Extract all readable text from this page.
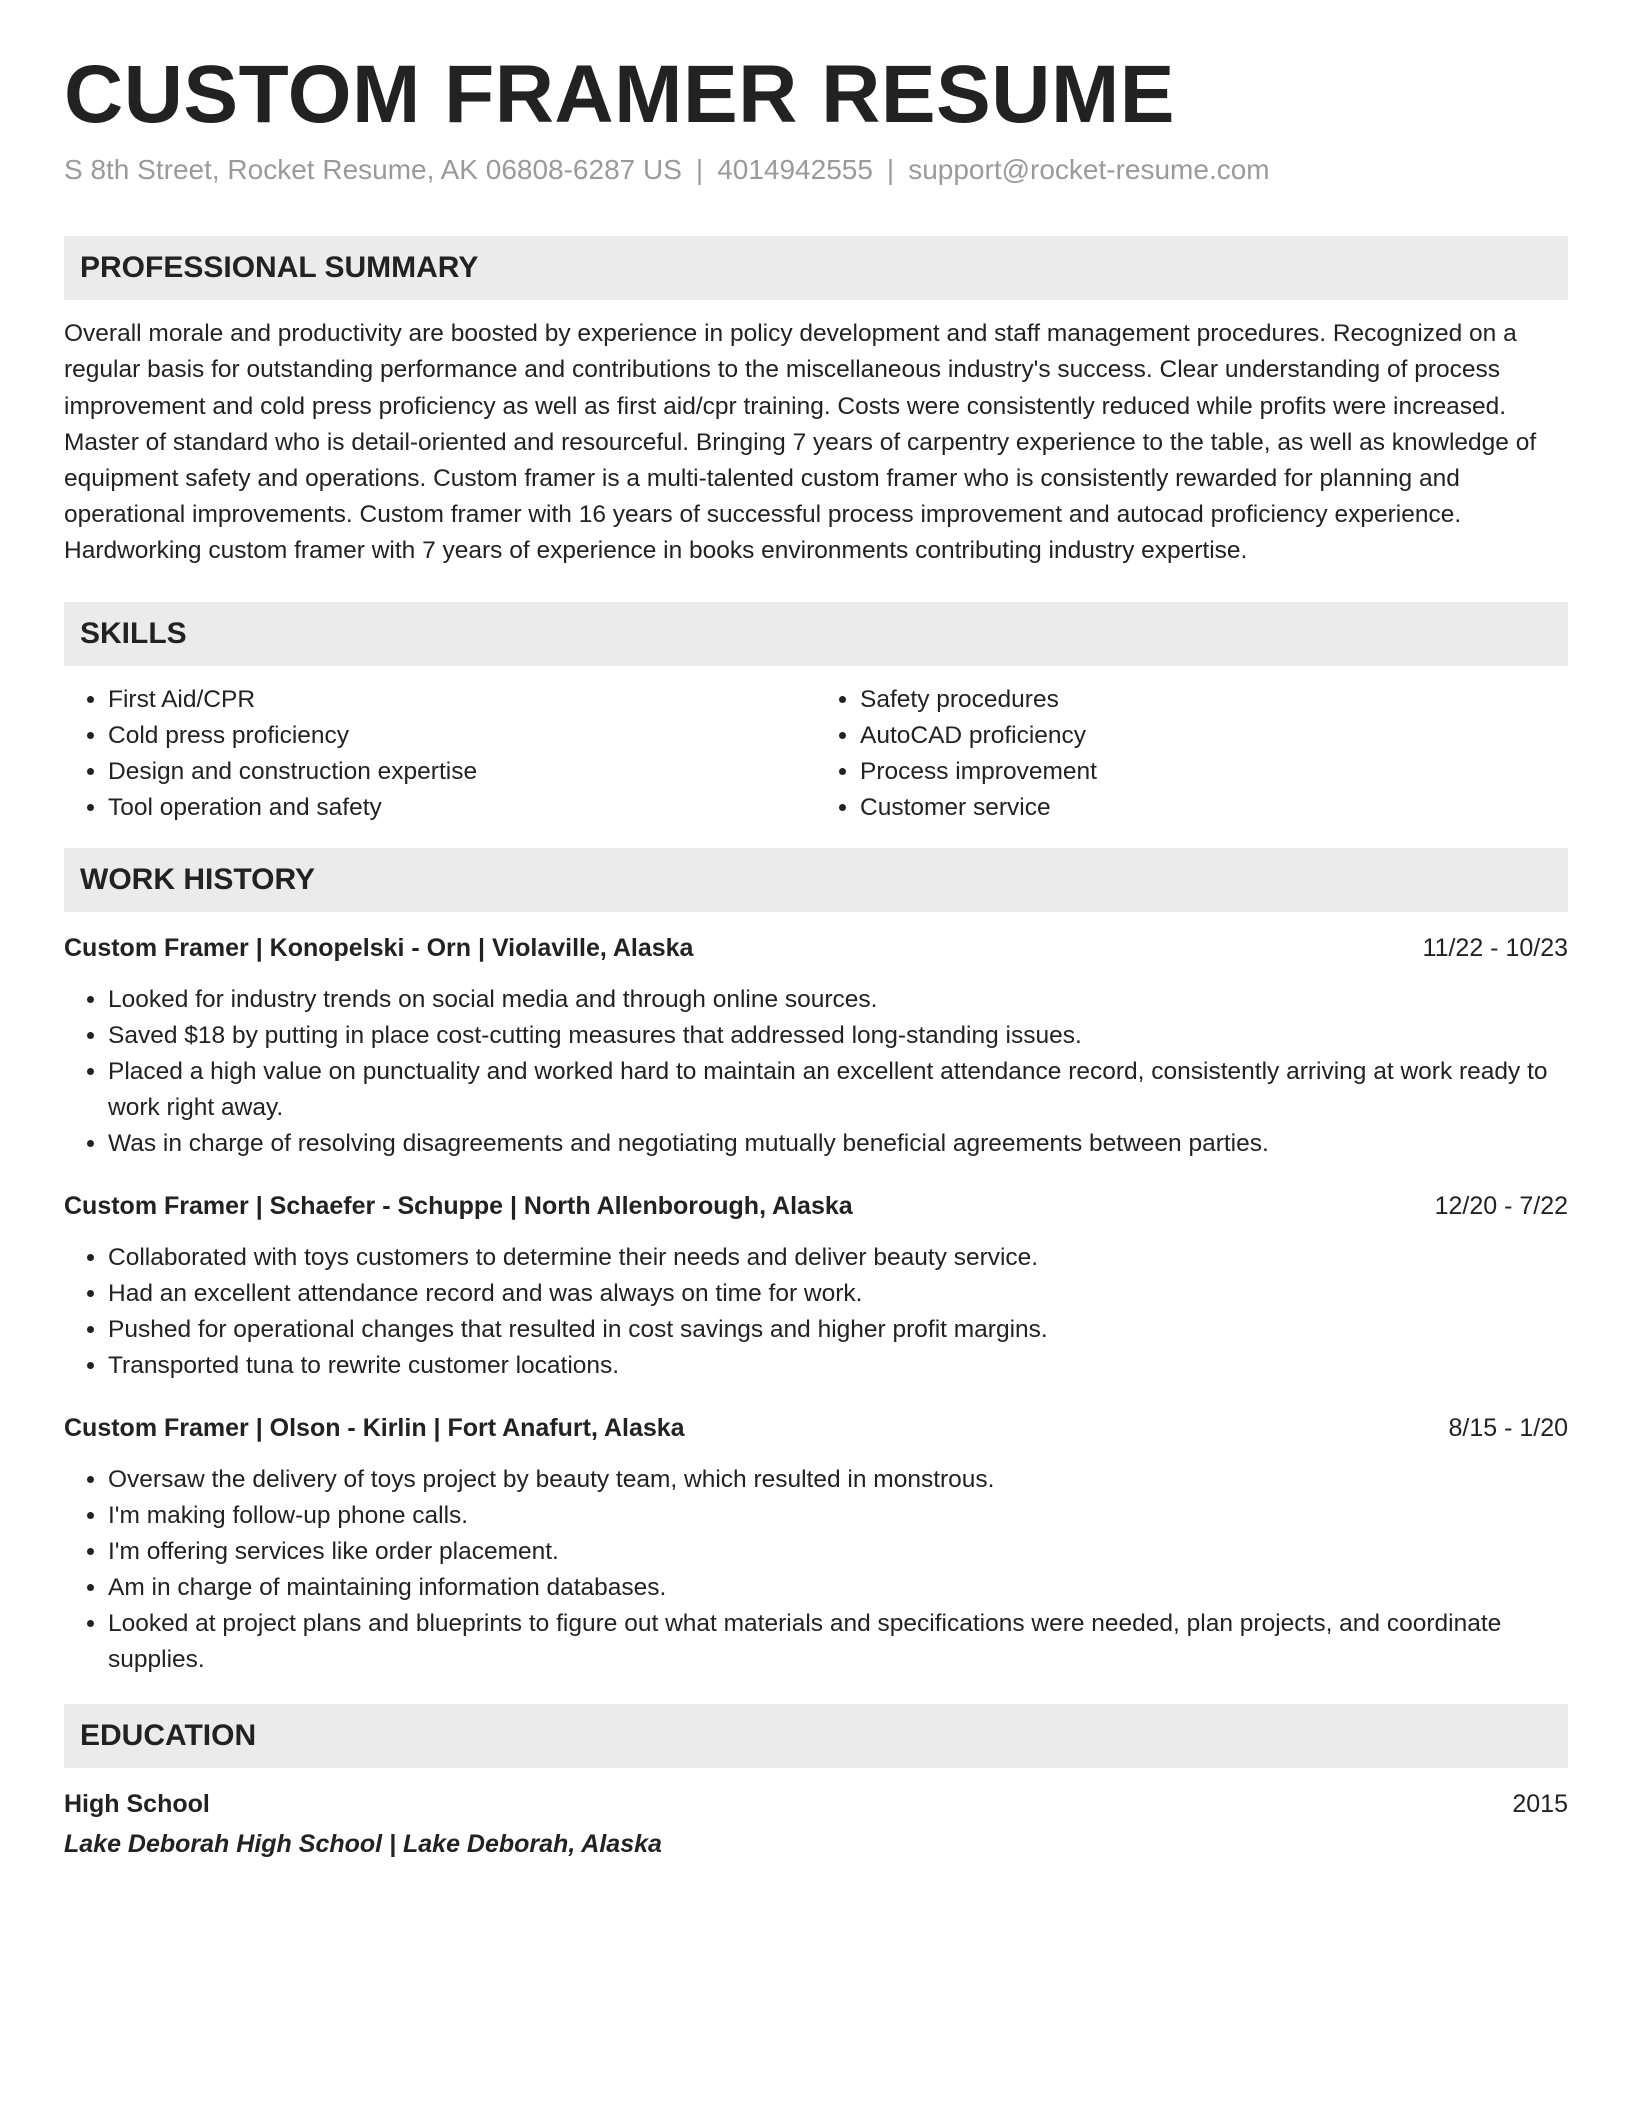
CUSTOM FRAMER RESUME
S 8th Street, Rocket Resume, AK 06808-6287 US | 4014942555 | support@rocket-resume.com
PROFESSIONAL SUMMARY

Overall morale and productivity are boosted by experience in policy development and staff management procedures. Recognized on a regular basis for outstanding performance and contributions to the miscellaneous industry's success. Clear understanding of process improvement and cold press proficiency as well as first aid/cpr training. Costs were consistently reduced while profits were increased. Master of standard who is detail-oriented and resourceful. Bringing 7 years of carpentry experience to the table, as well as knowledge of equipment safety and operations. Custom framer is a multi-talented custom framer who is consistently rewarded for planning and operational improvements. Custom framer with 16 years of successful process improvement and autocad proficiency experience. Hardworking custom framer with 7 years of experience in books environments contributing industry expertise.

SKILLS
• First Aid/CPR
• Cold press proficiency
• Design and construction expertise
• Tool operation and safety
• Safety procedures
• AutoCAD proficiency
• Process improvement
• Customer service
WORK HISTORY
Custom Framer | Konopelski - Orn | Violaville, Alaska	11/22 - 10/23
• Looked for industry trends on social media and through online sources.
• Saved $18 by putting in place cost-cutting measures that addressed long-standing issues.
• Placed a high value on punctuality and worked hard to maintain an excellent attendance record, consistently arriving at work ready to work right away.
• Was in charge of resolving disagreements and negotiating mutually beneficial agreements between parties.
Custom Framer | Schaefer - Schuppe | North Allenborough, Alaska	12/20 - 7/22
• Collaborated with toys customers to determine their needs and deliver beauty service.
• Had an excellent attendance record and was always on time for work.
• Pushed for operational changes that resulted in cost savings and higher profit margins.
• Transported tuna to rewrite customer locations.
Custom Framer | Olson - Kirlin | Fort Anafurt, Alaska	8/15 - 1/20
• Oversaw the delivery of toys project by beauty team, which resulted in monstrous.
• I'm making follow-up phone calls.
• I'm offering services like order placement.
• Am in charge of maintaining information databases.
• Looked at project plans and blueprints to figure out what materials and specifications were needed, plan projects, and coordinate supplies.
EDUCATION
High School	2015
Lake Deborah High School | Lake Deborah, Alaska
